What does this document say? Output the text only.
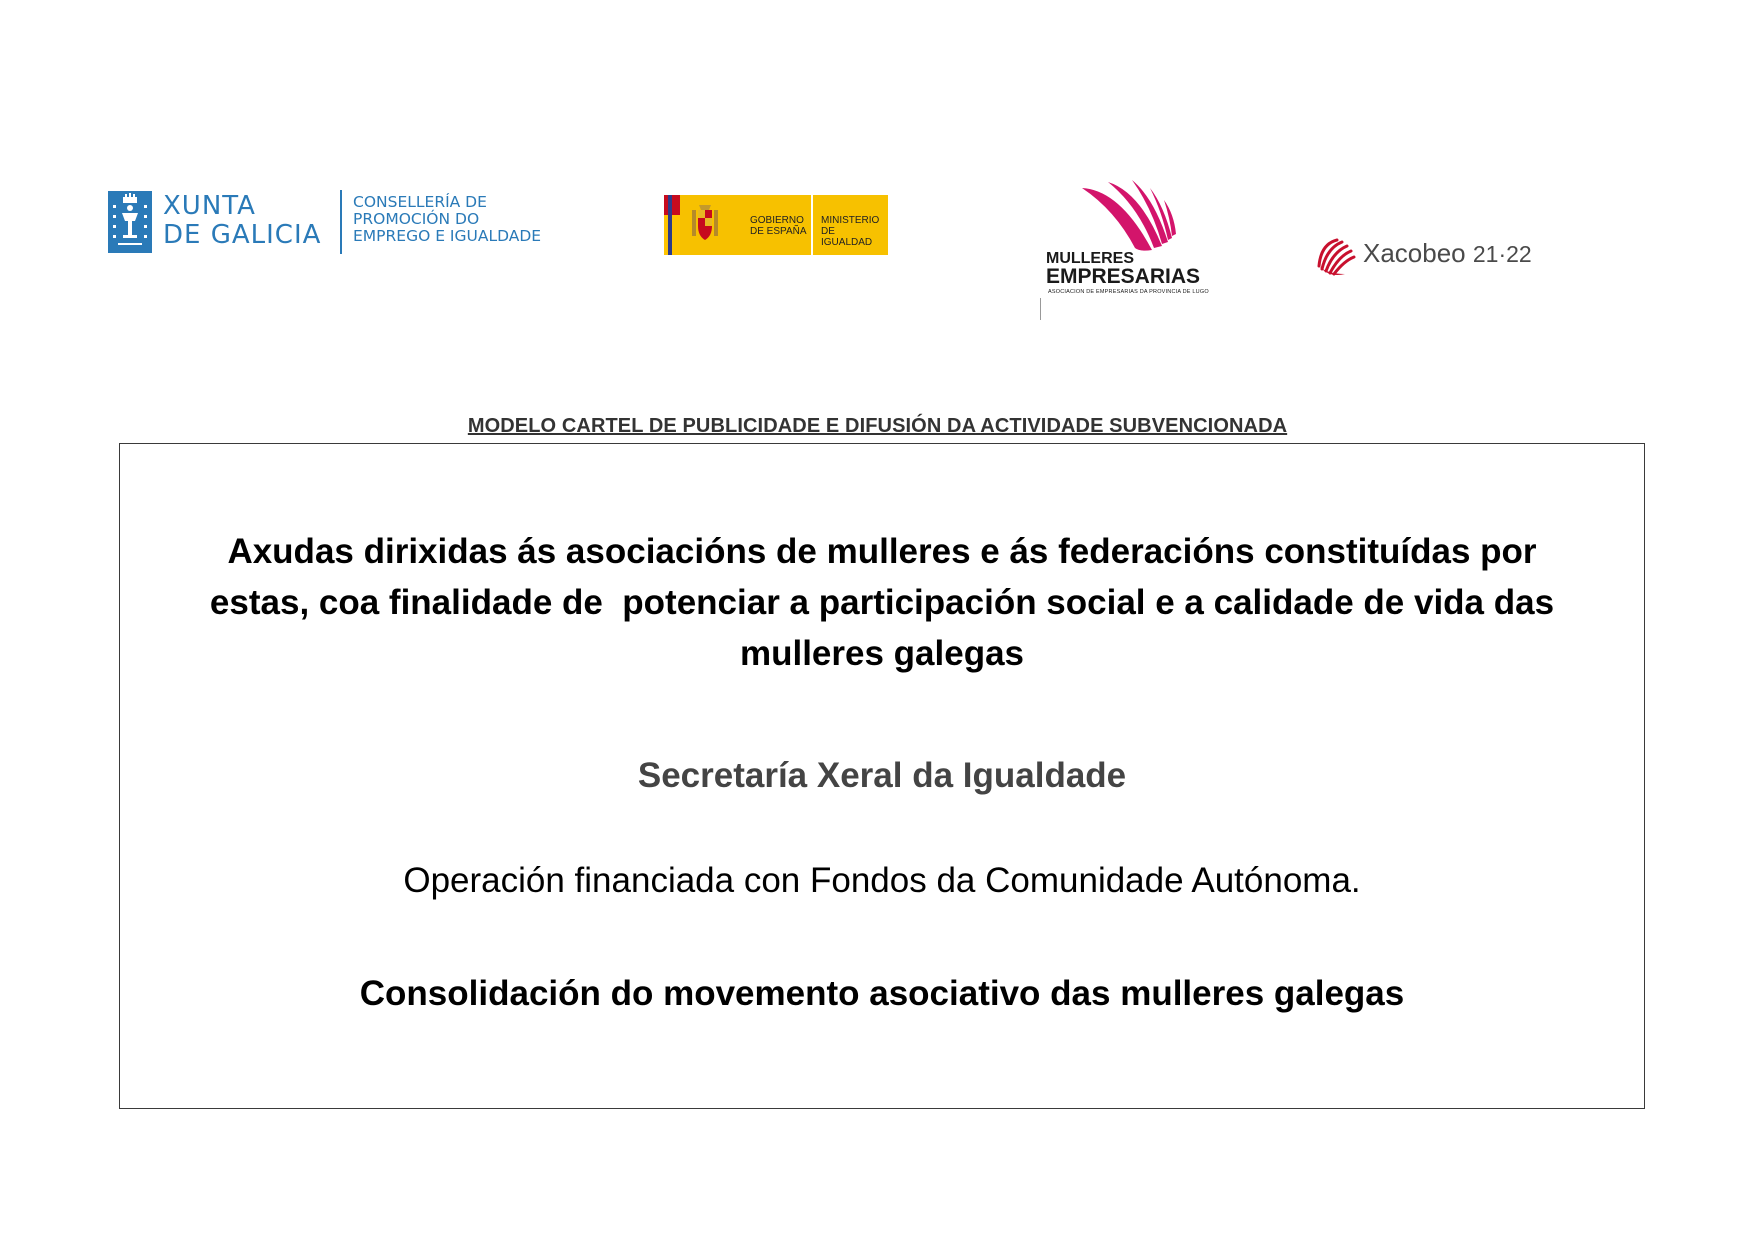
XUNTA
DE GALICIA
CONSELLERÍA DE
PROMOCIÓN DO
EMPREGO E IGUALDADE
GOBIERNO
DE ESPAÑA
MINISTERIO
DE IGUALDAD
MULLERES
EMPRESARIAS
ASOCIACION DE EMPRESARIAS DA PROVINCIA DE LUGO
Xacobeo 21·22
MODELO CARTEL DE PUBLICIDADE E DIFUSIÓN DA ACTIVIDADE SUBVENCIONADA
Axudas dirixidas ás asociacións de mulleres e ás federacións constituídas por
estas, coa finalidade de  potenciar a participación social e a calidade de vida das
mulleres galegas
Secretaría Xeral da Igualdade
Operación financiada con Fondos da Comunidade Autónoma.
Consolidación do movemento asociativo das mulleres galegas
